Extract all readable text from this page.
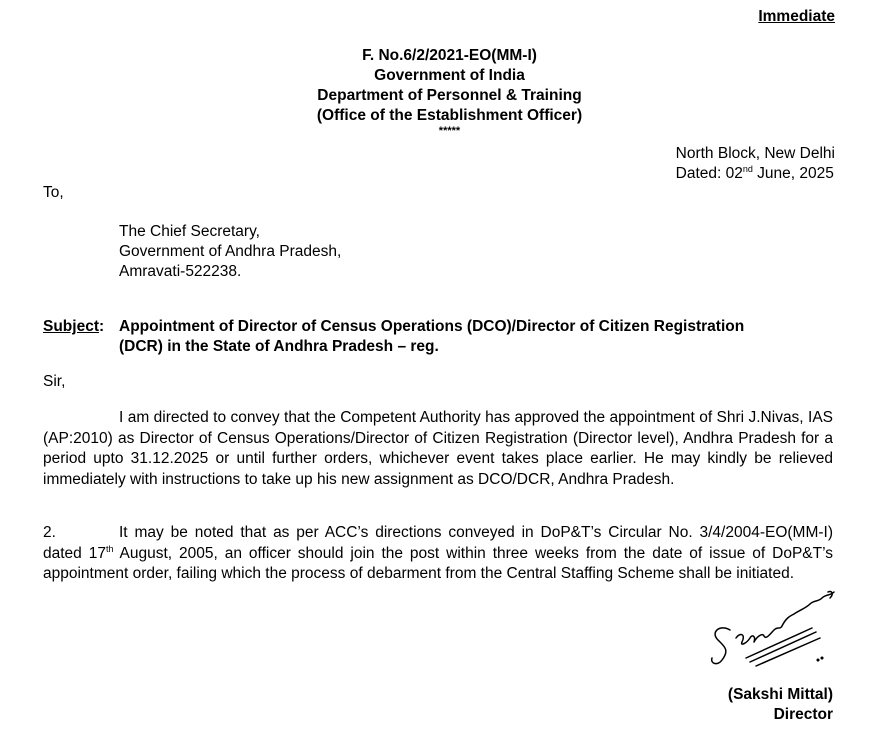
Immediate
F. No.6/2/2021-EO(MM-I)
Government of India
Department of Personnel & Training
(Office of the Establishment Officer)
*****
North Block, New Delhi
Dated: 02nd June, 2025
To,
The Chief Secretary,
Government of Andhra Pradesh,
Amravati-522238.
Subject: Appointment of Director of Census Operations (DCO)/Director of Citizen Registration
(DCR) in the State of Andhra Pradesh – reg.
Sir,
I am directed to convey that the Competent Authority has approved the appointment of Shri J.Nivas, IAS (AP:2010) as Director of Census Operations/Director of Citizen Registration (Director level), Andhra Pradesh for a period upto 31.12.2025 or until further orders, whichever event takes place earlier. He may kindly be relieved immediately with instructions to take up his new assignment as DCO/DCR, Andhra Pradesh.
2.	It may be noted that as per ACC’s directions conveyed in DoP&T’s Circular No. 3/4/2004-EO(MM-I) dated 17th August, 2005, an officer should join the post within three weeks from the date of issue of DoP&T’s appointment order, failing which the process of debarment from the Central Staffing Scheme shall be initiated.
(Sakshi Mittal)
Director
